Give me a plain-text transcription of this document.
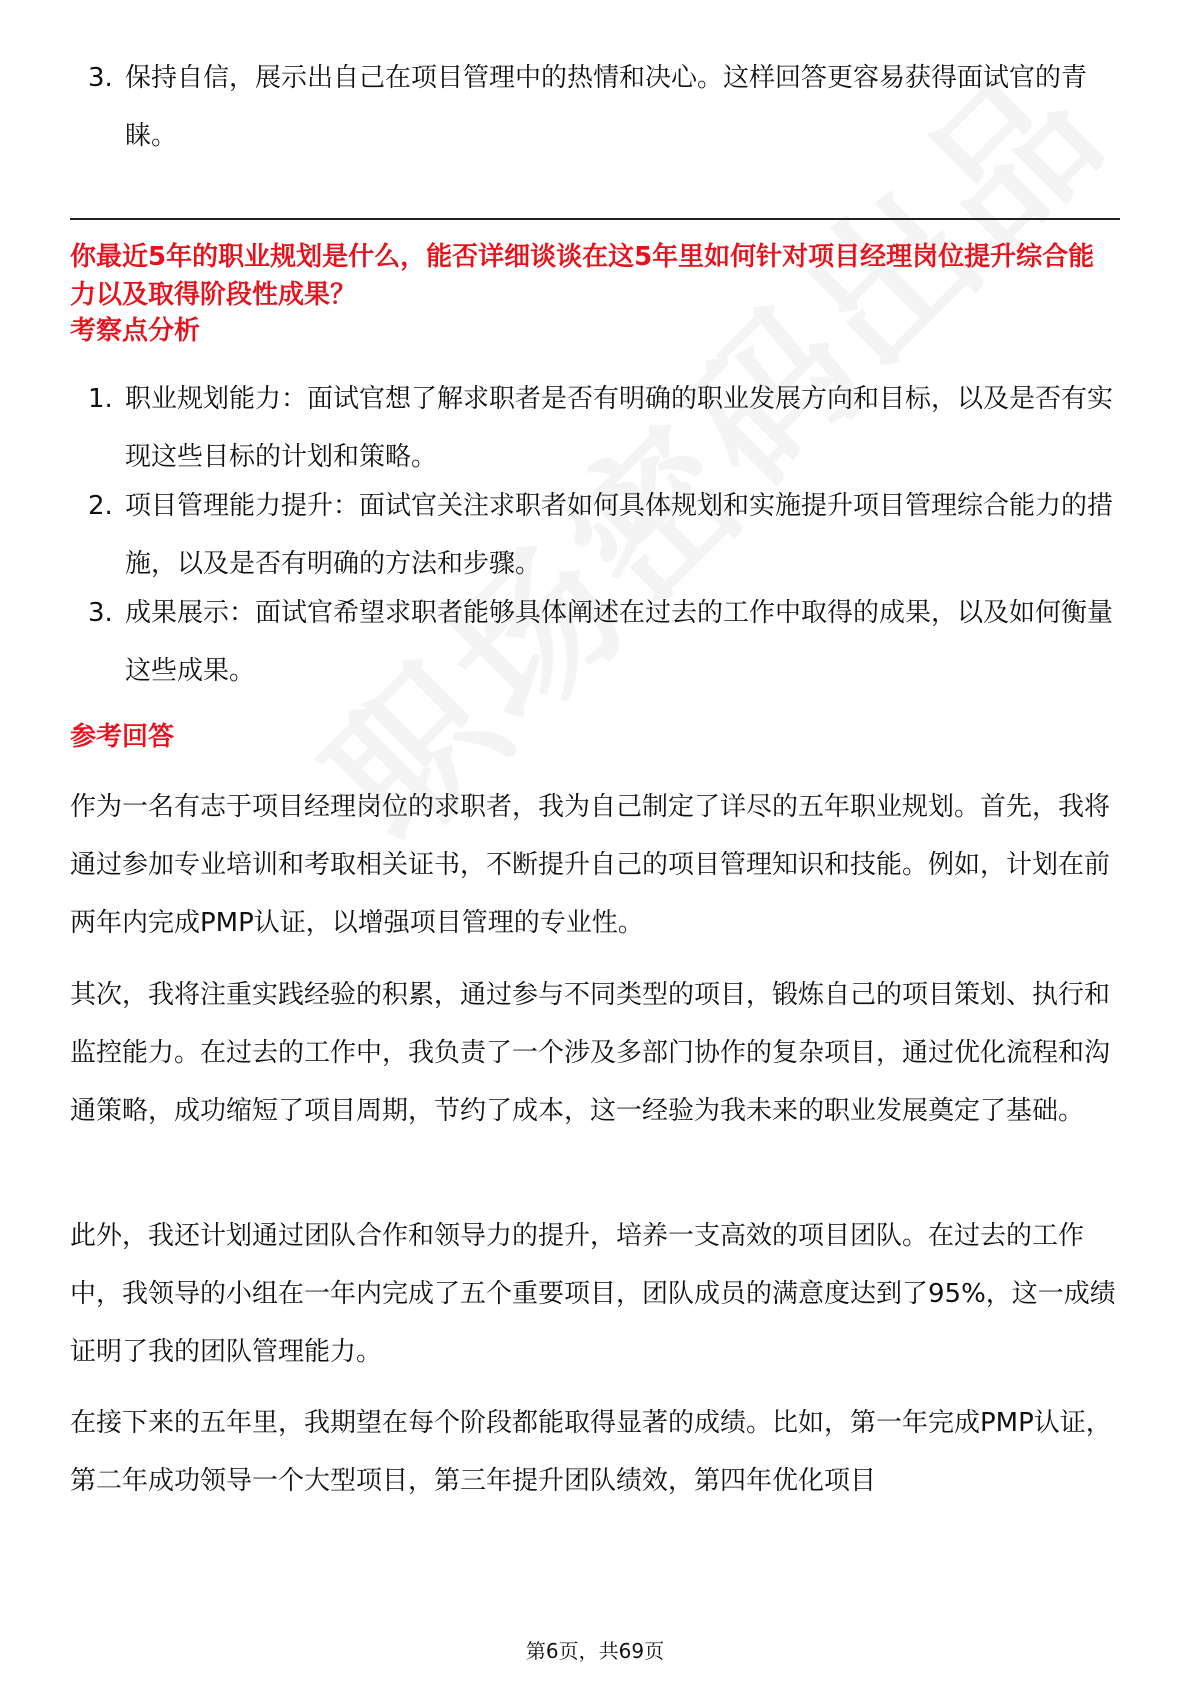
3. 保持自信，展示出自己在项目管理中的热情和决心。这样回答更容易获得面试官的青睐。
你最近5年的职业规划是什么，能否详细谈谈在这5年里如何针对项目经理岗位提升综合能力以及取得阶段性成果？
考察点分析
1. 职业规划能力：面试官想了解求职者是否有明确的职业发展方向和目标，以及是否有实现这些目标的计划和策略。
2. 项目管理能力提升：面试官关注求职者如何具体规划和实施提升项目管理综合能力的措施，以及是否有明确的方法和步骤。
3. 成果展示：面试官希望求职者能够具体阐述在过去的工作中取得的成果，以及如何衡量这些成果。
参考回答
作为一名有志于项目经理岗位的求职者，我为自己制定了详尽的五年职业规划。首先，我将通过参加专业培训和考取相关证书，不断提升自己的项目管理知识和技能。例如，计划在前两年内完成PMP认证，以增强项目管理的专业性。
其次，我将注重实践经验的积累，通过参与不同类型的项目，锻炼自己的项目策划、执行和监控能力。在过去的工作中，我负责了一个涉及多部门协作的复杂项目，通过优化流程和沟通策略，成功缩短了项目周期，节约了成本，这一经验为我未来的职业发展奠定了基础。
此外，我还计划通过团队合作和领导力的提升，培养一支高效的项目团队。在过去的工作中，我领导的小组在一年内完成了五个重要项目，团队成员的满意度达到了95%，这一成绩证明了我的团队管理能力。
在接下来的五年里，我期望在每个阶段都能取得显著的成绩。比如，第一年完成PMP认证，第二年成功领导一个大型项目，第三年提升团队绩效，第四年优化项目
第6页，共69页
